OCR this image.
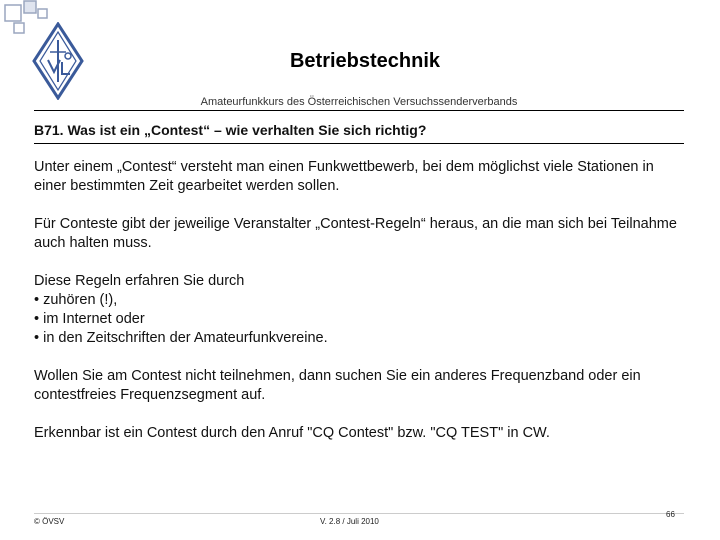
Betriebstechnik
Amateurfunkkurs des Österreichischen Versuchssenderverbands
B71. Was ist ein „Contest“ – wie verhalten Sie sich richtig?

Unter einem „Contest“ versteht man einen Funkwettbewerb, bei dem möglichst viele Stationen in einer bestimmten Zeit gearbeitet werden sollen.

Für Conteste gibt der jeweilige Veranstalter „Contest-Regeln“ heraus, an die man sich bei Teilnahme auch halten muss.

Diese Regeln erfahren Sie durch

• zuhören (!),
• im Internet oder
• in den Zeitschriften der Amateurfunkvereine.

Wollen Sie am Contest nicht teilnehmen, dann suchen Sie ein anderes Frequenzband oder ein contestfreies Frequenzsegment auf.

Erkennbar ist ein Contest durch den Anruf "CQ Contest" bzw. "CQ TEST" in CW.

© ÖVSV	V. 2.8 / Juli 2010
66
